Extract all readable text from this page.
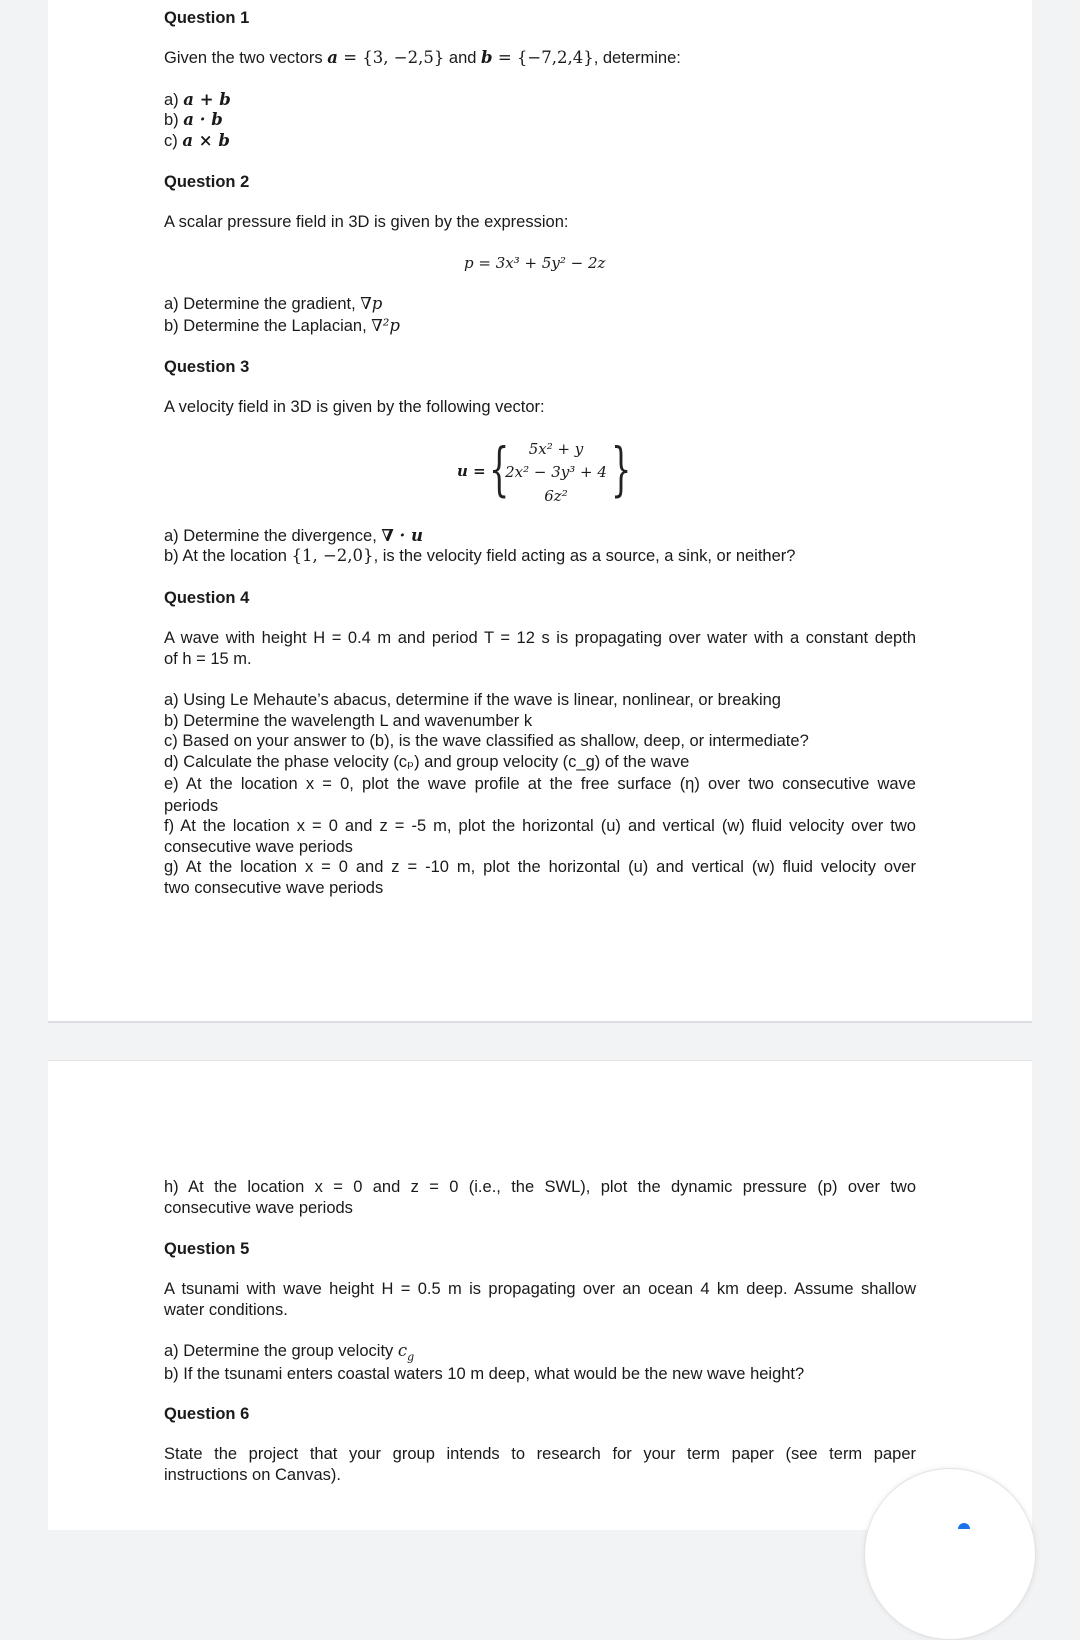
Question 1
Given the two vectors a = {3, −2,5} and b = {−7,2,4}, determine:
a) a + b
b) a · b
c) a × b
Question 2
A scalar pressure field in 3D is given by the expression:
p = 3x³ + 5y² − 2z
a) Determine the gradient, ∇p
b) Determine the Laplacian, ∇²p
Question 3
A velocity field in 3D is given by the following vector:
u = {	5x² + y
2x² − 3y³ + 4
6z² }
a) Determine the divergence, ∇ · u
b) At the location {1, −2,0}, is the velocity field acting as a source, a sink, or neither?
Question 4
A wave with height H = 0.4 m and period T = 12 s is propagating over water with a constant depth
of h = 15 m.
a) Using Le Mehaute’s abacus, determine if the wave is linear, nonlinear, or breaking
b) Determine the wavelength L and wavenumber k
c) Based on your answer to (b), is the wave classified as shallow, deep, or intermediate?
d) Calculate the phase velocity (cₚ) and group velocity (c_g) of the wave
e) At the location x = 0, plot the wave profile at the free surface (η) over two consecutive wave
periods
f) At the location x = 0 and z = -5 m, plot the horizontal (u) and vertical (w) fluid velocity over two
consecutive wave periods
g) At the location x = 0 and z = -10 m, plot the horizontal (u) and vertical (w) fluid velocity over
two consecutive wave periods
h) At the location x = 0 and z = 0 (i.e., the SWL), plot the dynamic pressure (p) over two
consecutive wave periods
Question 5
A tsunami with wave height H = 0.5 m is propagating over an ocean 4 km deep. Assume shallow
water conditions.
a) Determine the group velocity $c_g$
b) If the tsunami enters coastal waters 10 m deep, what would be the new wave height?
Question 6
State the project that your group intends to research for your term paper (see term paper
instructions on Canvas).
